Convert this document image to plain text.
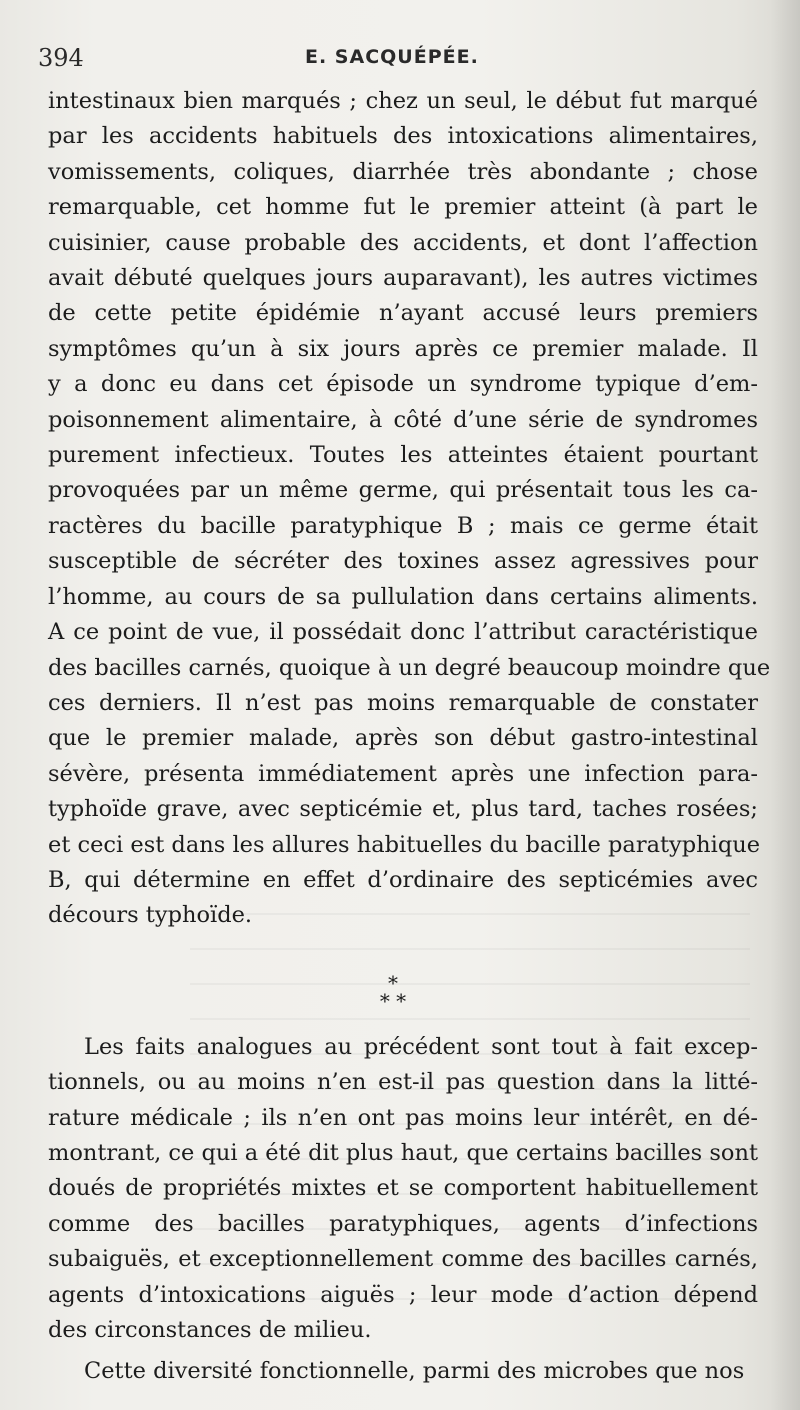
394	E. SACQUÉPÉE.
intestinaux bien marqués ; chez un seul, le début fut marqué
par les accidents habituels des intoxications alimentaires,
vomissements, coliques, diarrhée très abondante ; chose
remarquable, cet homme fut le premier atteint (à part le
cuisinier, cause probable des accidents, et dont l’affection
avait débuté quelques jours auparavant), les autres victimes
de cette petite épidémie n’ayant accusé leurs premiers
symptômes qu’un à six jours après ce premier malade. Il
y a donc eu dans cet épisode un syndrome typique d’em-
poisonnement alimentaire, à côté d’une série de syndromes
purement infectieux. Toutes les atteintes étaient pourtant
provoquées par un même germe, qui présentait tous les ca-
ractères du bacille paratyphique B ; mais ce germe était
susceptible de sécréter des toxines assez agressives pour
l’homme, au cours de sa pullulation dans certains aliments.
A ce point de vue, il possédait donc l’attribut caractéristique
des bacilles carnés, quoique à un degré beaucoup moindre que
ces derniers. Il n’est pas moins remarquable de constater
que le premier malade, après son début gastro-intestinal
sévère, présenta immédiatement après une infection para-
typhoïde grave, avec septicémie et, plus tard, taches rosées;
et ceci est dans les allures habituelles du bacille paratyphique
B, qui détermine en effet d’ordinaire des septicémies avec
décours typhoïde.
*
* *
Les faits analogues au précédent sont tout à fait excep-
tionnels, ou au moins n’en est-il pas question dans la litté-
rature médicale ; ils n’en ont pas moins leur intérêt, en dé-
montrant, ce qui a été dit plus haut, que certains bacilles sont
doués de propriétés mixtes et se comportent habituellement
comme des bacilles paratyphiques, agents d’infections
subaiguës, et exceptionnellement comme des bacilles carnés,
agents d’intoxications aiguës ; leur mode d’action dépend
des circonstances de milieu.
Cette diversité fonctionnelle, parmi des microbes que nos
